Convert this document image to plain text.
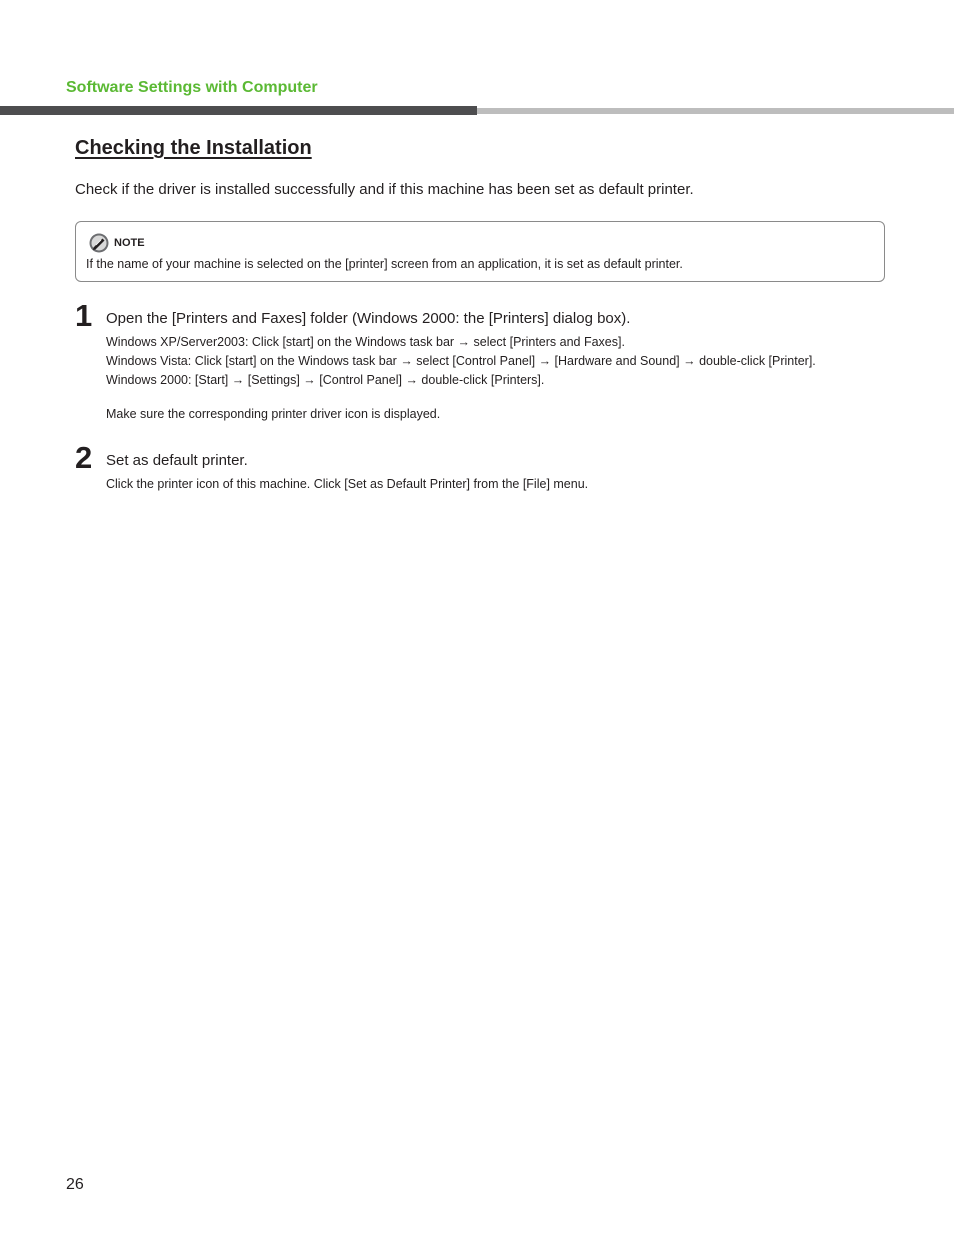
Software Settings with Computer
Checking the Installation
Check if the driver is installed successfully and if this machine has been set as default printer.
NOTE
If the name of your machine is selected on the [printer] screen from an application, it is set as default printer.
1 Open the [Printers and Faxes] folder (Windows 2000: the [Printers] dialog box).
Windows XP/Server2003: Click [start] on the Windows task bar → select [Printers and Faxes].
Windows Vista: Click [start] on the Windows task bar → select [Control Panel] → [Hardware and Sound] → double-click [Printer].
Windows 2000: [Start] → [Settings] → [Control Panel] → double-click [Printers].
Make sure the corresponding printer driver icon is displayed.
2 Set as default printer.
Click the printer icon of this machine. Click [Set as Default Printer] from the [File] menu.
26
